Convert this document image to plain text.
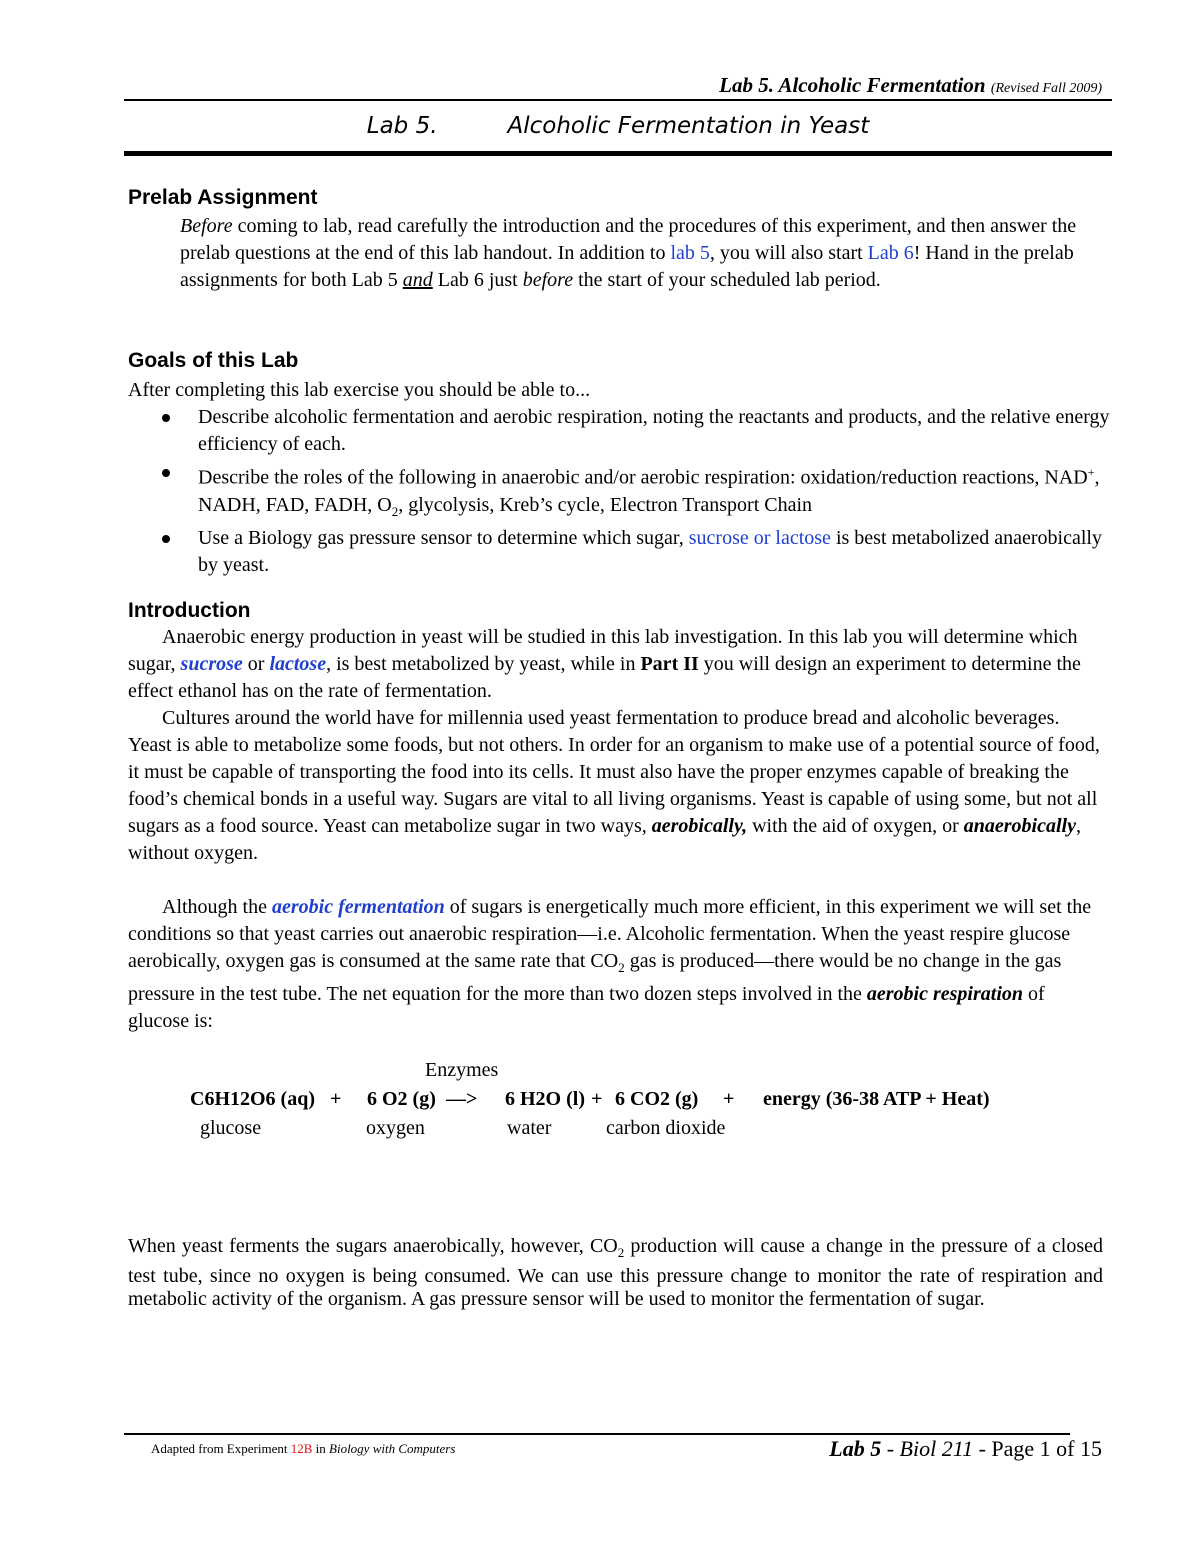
Lab 5. Alcoholic Fermentation (Revised Fall 2009)
Lab 5.	Alcoholic Fermentation in Yeast
Prelab Assignment
Before coming to lab, read carefully the introduction and the procedures of this experiment, and then answer the prelab questions at the end of this lab handout. In addition to lab 5, you will also start Lab 6! Hand in the prelab assignments for both Lab 5 and Lab 6 just before the start of your scheduled lab period.
Goals of this Lab
After completing this lab exercise you should be able to...
Describe alcoholic fermentation and aerobic respiration, noting the reactants and products, and the relative energy efficiency of each.
Describe the roles of the following in anaerobic and/or aerobic respiration: oxidation/reduction reactions, NAD+, NADH, FAD, FADH, $O_2$, glycolysis, Kreb’s cycle, Electron Transport Chain
Use a Biology gas pressure sensor to determine which sugar, sucrose or lactose is best metabolized anaerobically by yeast.
Introduction
Anaerobic energy production in yeast will be studied in this lab investigation. In this lab you will determine which sugar, sucrose or lactose, is best metabolized by yeast, while in Part II you will design an experiment to determine the effect ethanol has on the rate of fermentation.
Cultures around the world have for millennia used yeast fermentation to produce bread and alcoholic beverages. Yeast is able to metabolize some foods, but not others. In order for an organism to make use of a potential source of food, it must be capable of transporting the food into its cells. It must also have the proper enzymes capable of breaking the food’s chemical bonds in a useful way. Sugars are vital to all living organisms. Yeast is capable of using some, but not all sugars as a food source. Yeast can metabolize sugar in two ways, aerobically, with the aid of oxygen, or anaerobically, without oxygen.
Although the aerobic fermentation of sugars is energetically much more efficient, in this experiment we will set the conditions so that yeast carries out anaerobic respiration—i.e. Alcoholic fermentation. When the yeast respire glucose aerobically, oxygen gas is consumed at the same rate that $CO_2$ gas is produced—there would be no change in the gas pressure in the test tube. The net equation for the more than two dozen steps involved in the aerobic respiration of glucose is:
Enzymes
C6H12O6 (aq) + 6 O2 (g) —> 6 H2O (l) + 6 CO2 (g) + energy (36-38 ATP + Heat)
glucose	oxygen	water	carbon dioxide
When yeast ferments the sugars anaerobically, however, $CO_2$ production will cause a change in the pressure of a closed test tube, since no oxygen is being consumed. We can use this pressure change to monitor the rate of respiration and metabolic activity of the organism. A gas pressure sensor will be used to monitor the fermentation of sugar.
Adapted from Experiment 12B in Biology with Computers	Lab 5 - Biol 211 - Page 1 of 15
